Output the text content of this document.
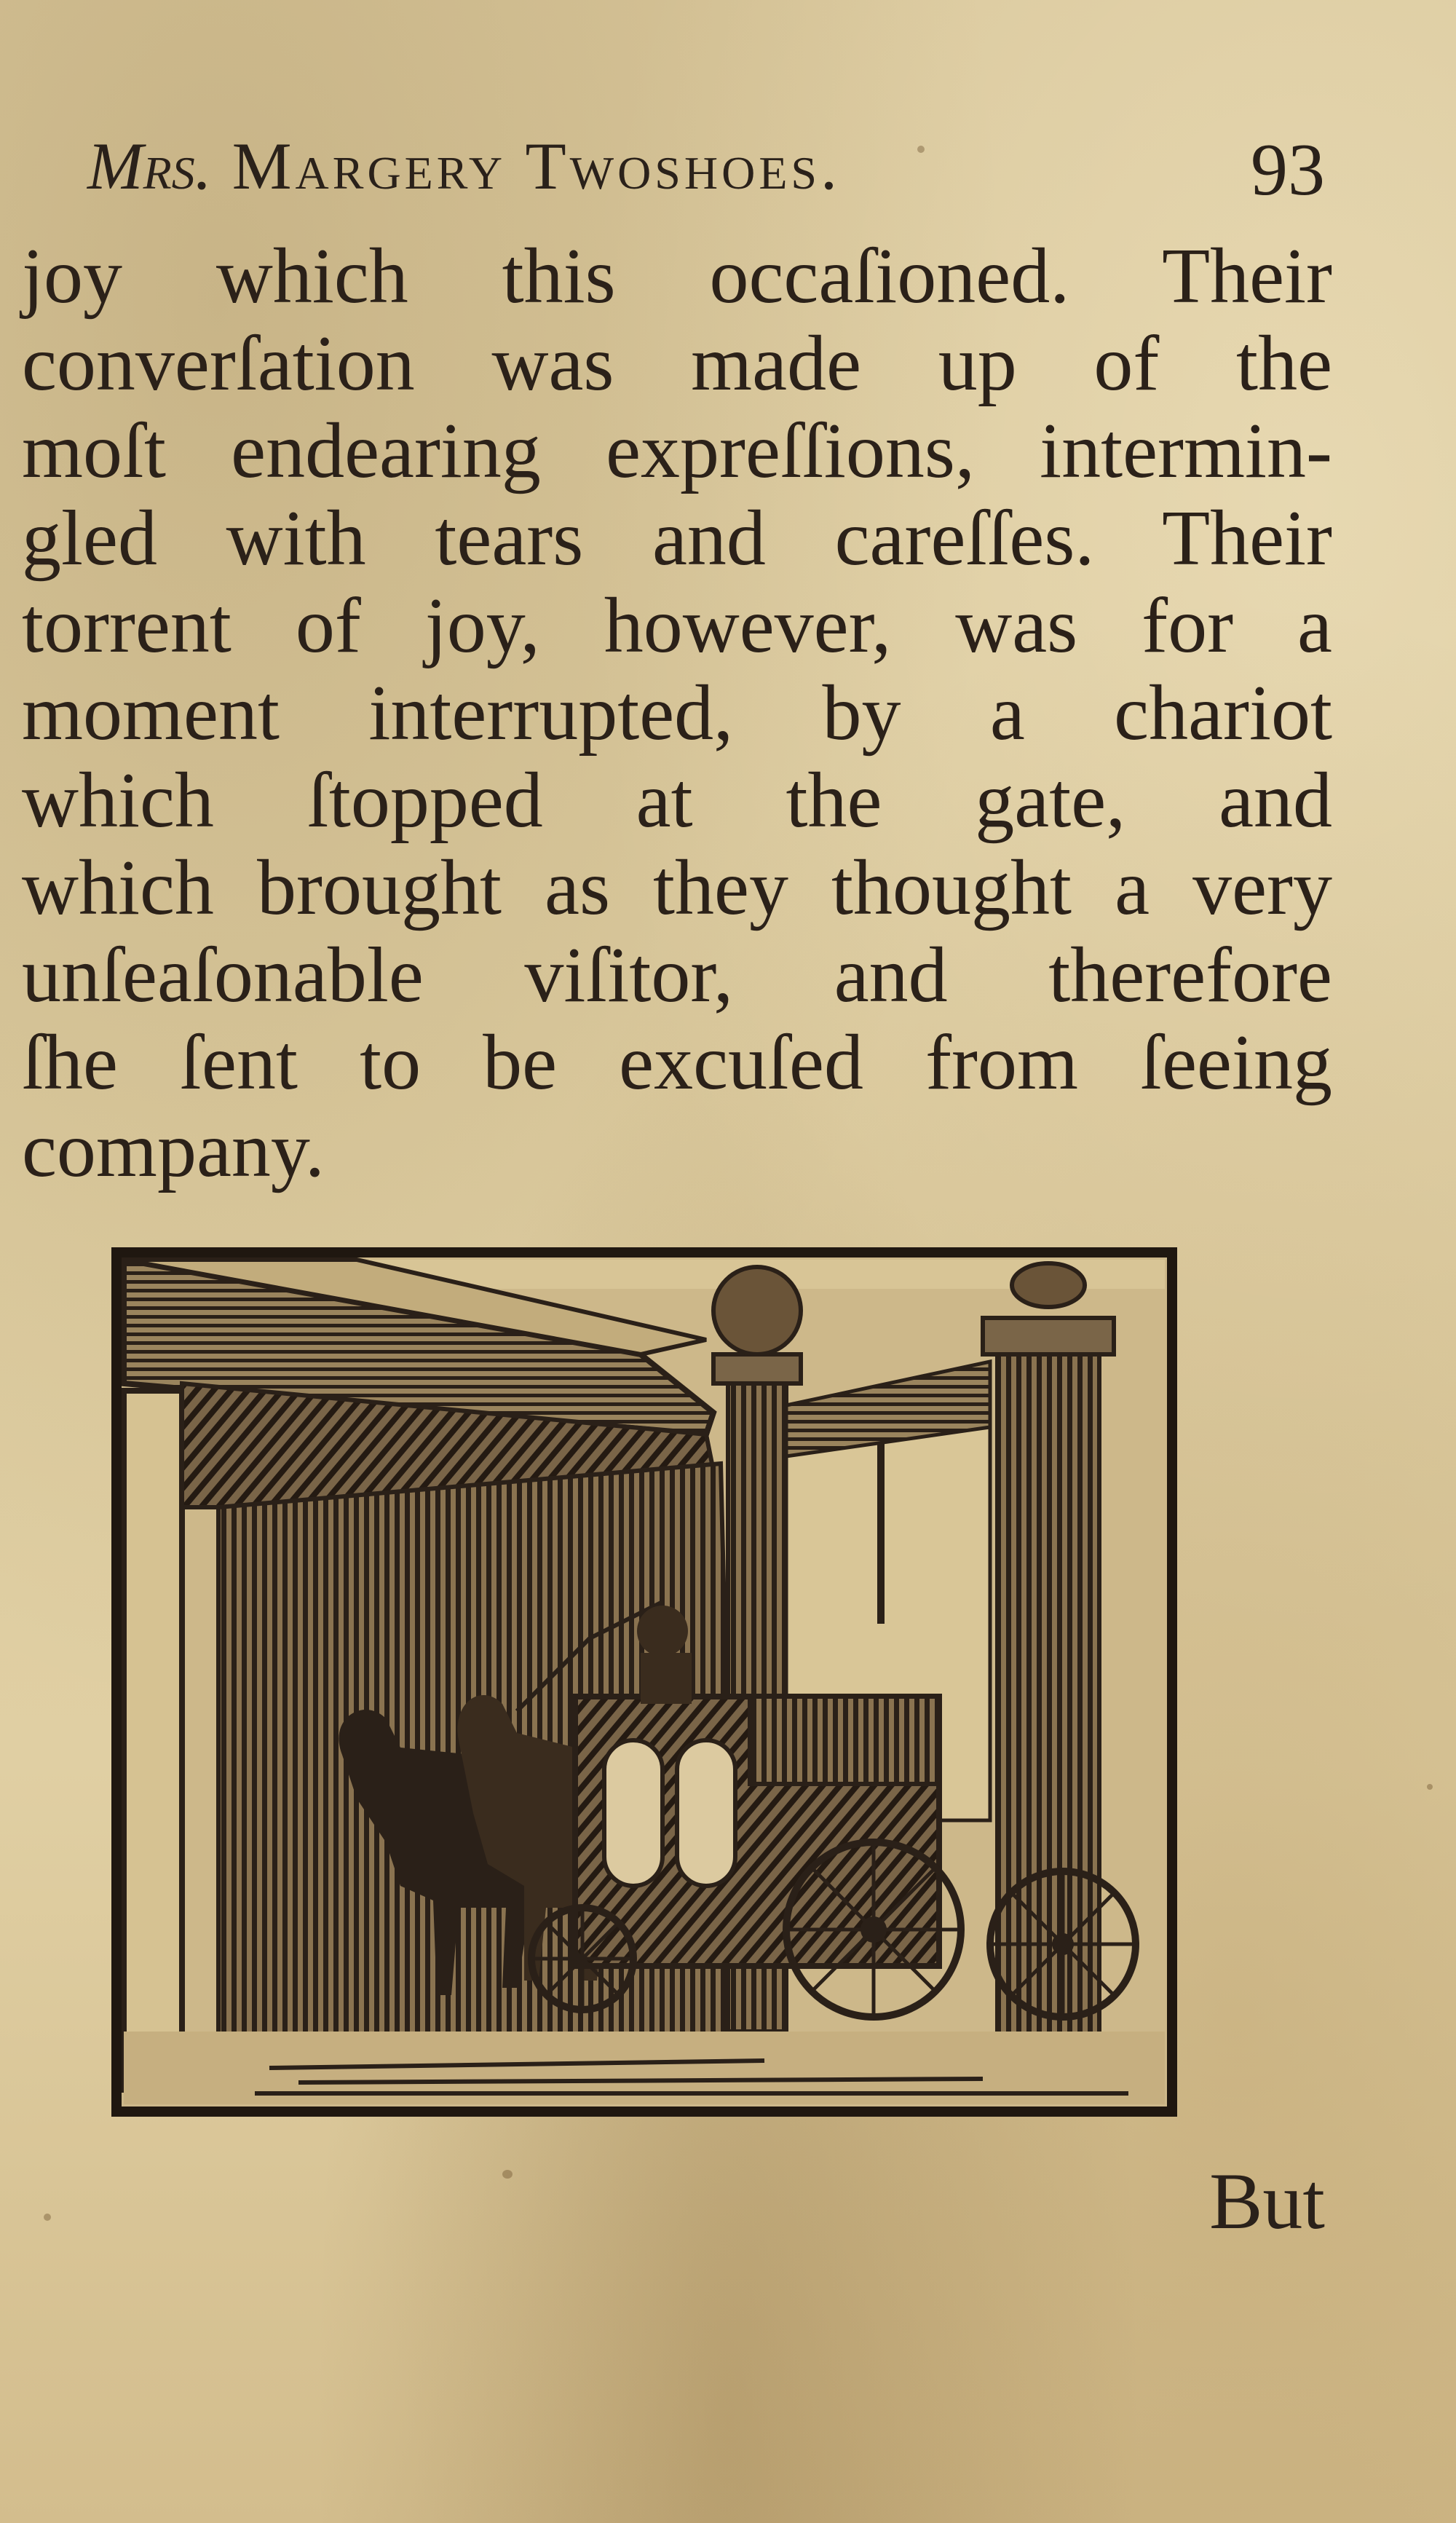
Mrs. Margery Twoshoes.	93
joy which this occaſioned. Their
converſation was made up of the
moſt endearing expreſſions, intermin-
gled with tears and careſſes. Their
torrent of joy, however, was for a
moment interrupted, by a chariot
which ſtopped at the gate, and
which brought as they thought a very
unſeaſonable viſitor, and therefore
ſhe ſent to be excuſed from ſeeing
company.
But
